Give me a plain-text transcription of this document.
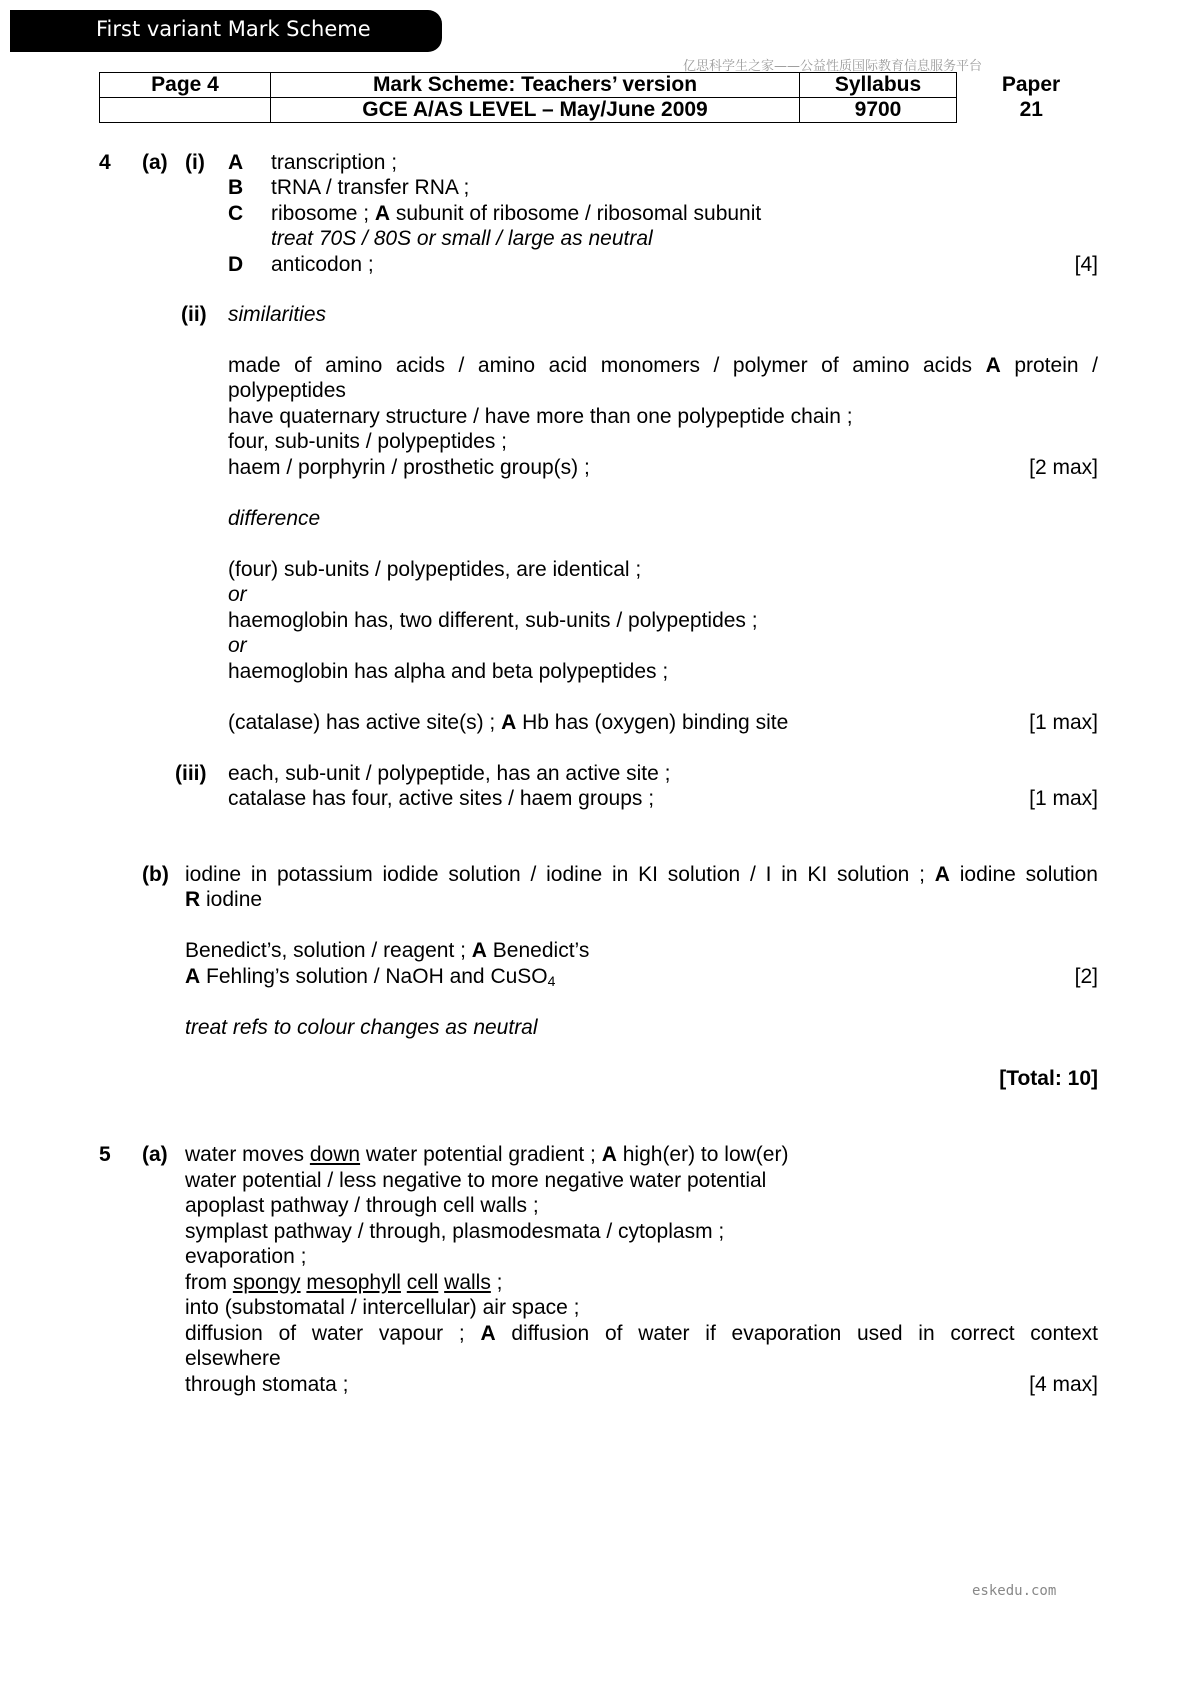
First variant Mark Scheme
亿思科学生之家——公益性质国际教育信息服务平台
Page 4	Mark Scheme: Teachers’ version	Syllabus	Paper
	GCE A/AS LEVEL – May/June 2009	9700	21
4 (a) (i) A transcription ;
B tRNA / transfer RNA ;
C ribosome ; A subunit of ribosome / ribosomal subunit
treat 70S / 80S or small / large as neutral
D anticodon ;	[4]
(ii) similarities
made of amino acids / amino acid monomers / polymer of amino acids A protein /
polypeptides
have quaternary structure / have more than one polypeptide chain ;
four, sub-units / polypeptides ;
haem / porphyrin / prosthetic group(s) ;	[2 max]
difference
(four) sub-units / polypeptides, are identical ;
or
haemoglobin has, two different, sub-units / polypeptides ;
or
haemoglobin has alpha and beta polypeptides ;
(catalase) has active site(s) ; A Hb has (oxygen) binding site	[1 max]
(iii) each, sub-unit / polypeptide, has an active site ;
catalase has four, active sites / haem groups ;	[1 max]
(b) iodine in potassium iodide solution / iodine in KI solution / I in KI solution ; A iodine solution
R iodine
Benedict’s, solution / reagent ; A Benedict’s
A Fehling’s solution / NaOH and CuSO$_4$	[2]
treat refs to colour changes as neutral
[Total: 10]
5 (a) water moves down water potential gradient ; A high(er) to low(er)
water potential / less negative to more negative water potential
apoplast pathway / through cell walls ;
symplast pathway / through, plasmodesmata / cytoplasm ;
evaporation ;
from spongy mesophyll cell walls ;
into (substomatal / intercellular) air space ;
diffusion of water vapour ; A diffusion of water if evaporation used in correct context
elsewhere
through stomata ;	[4 max]
eskedu.com
